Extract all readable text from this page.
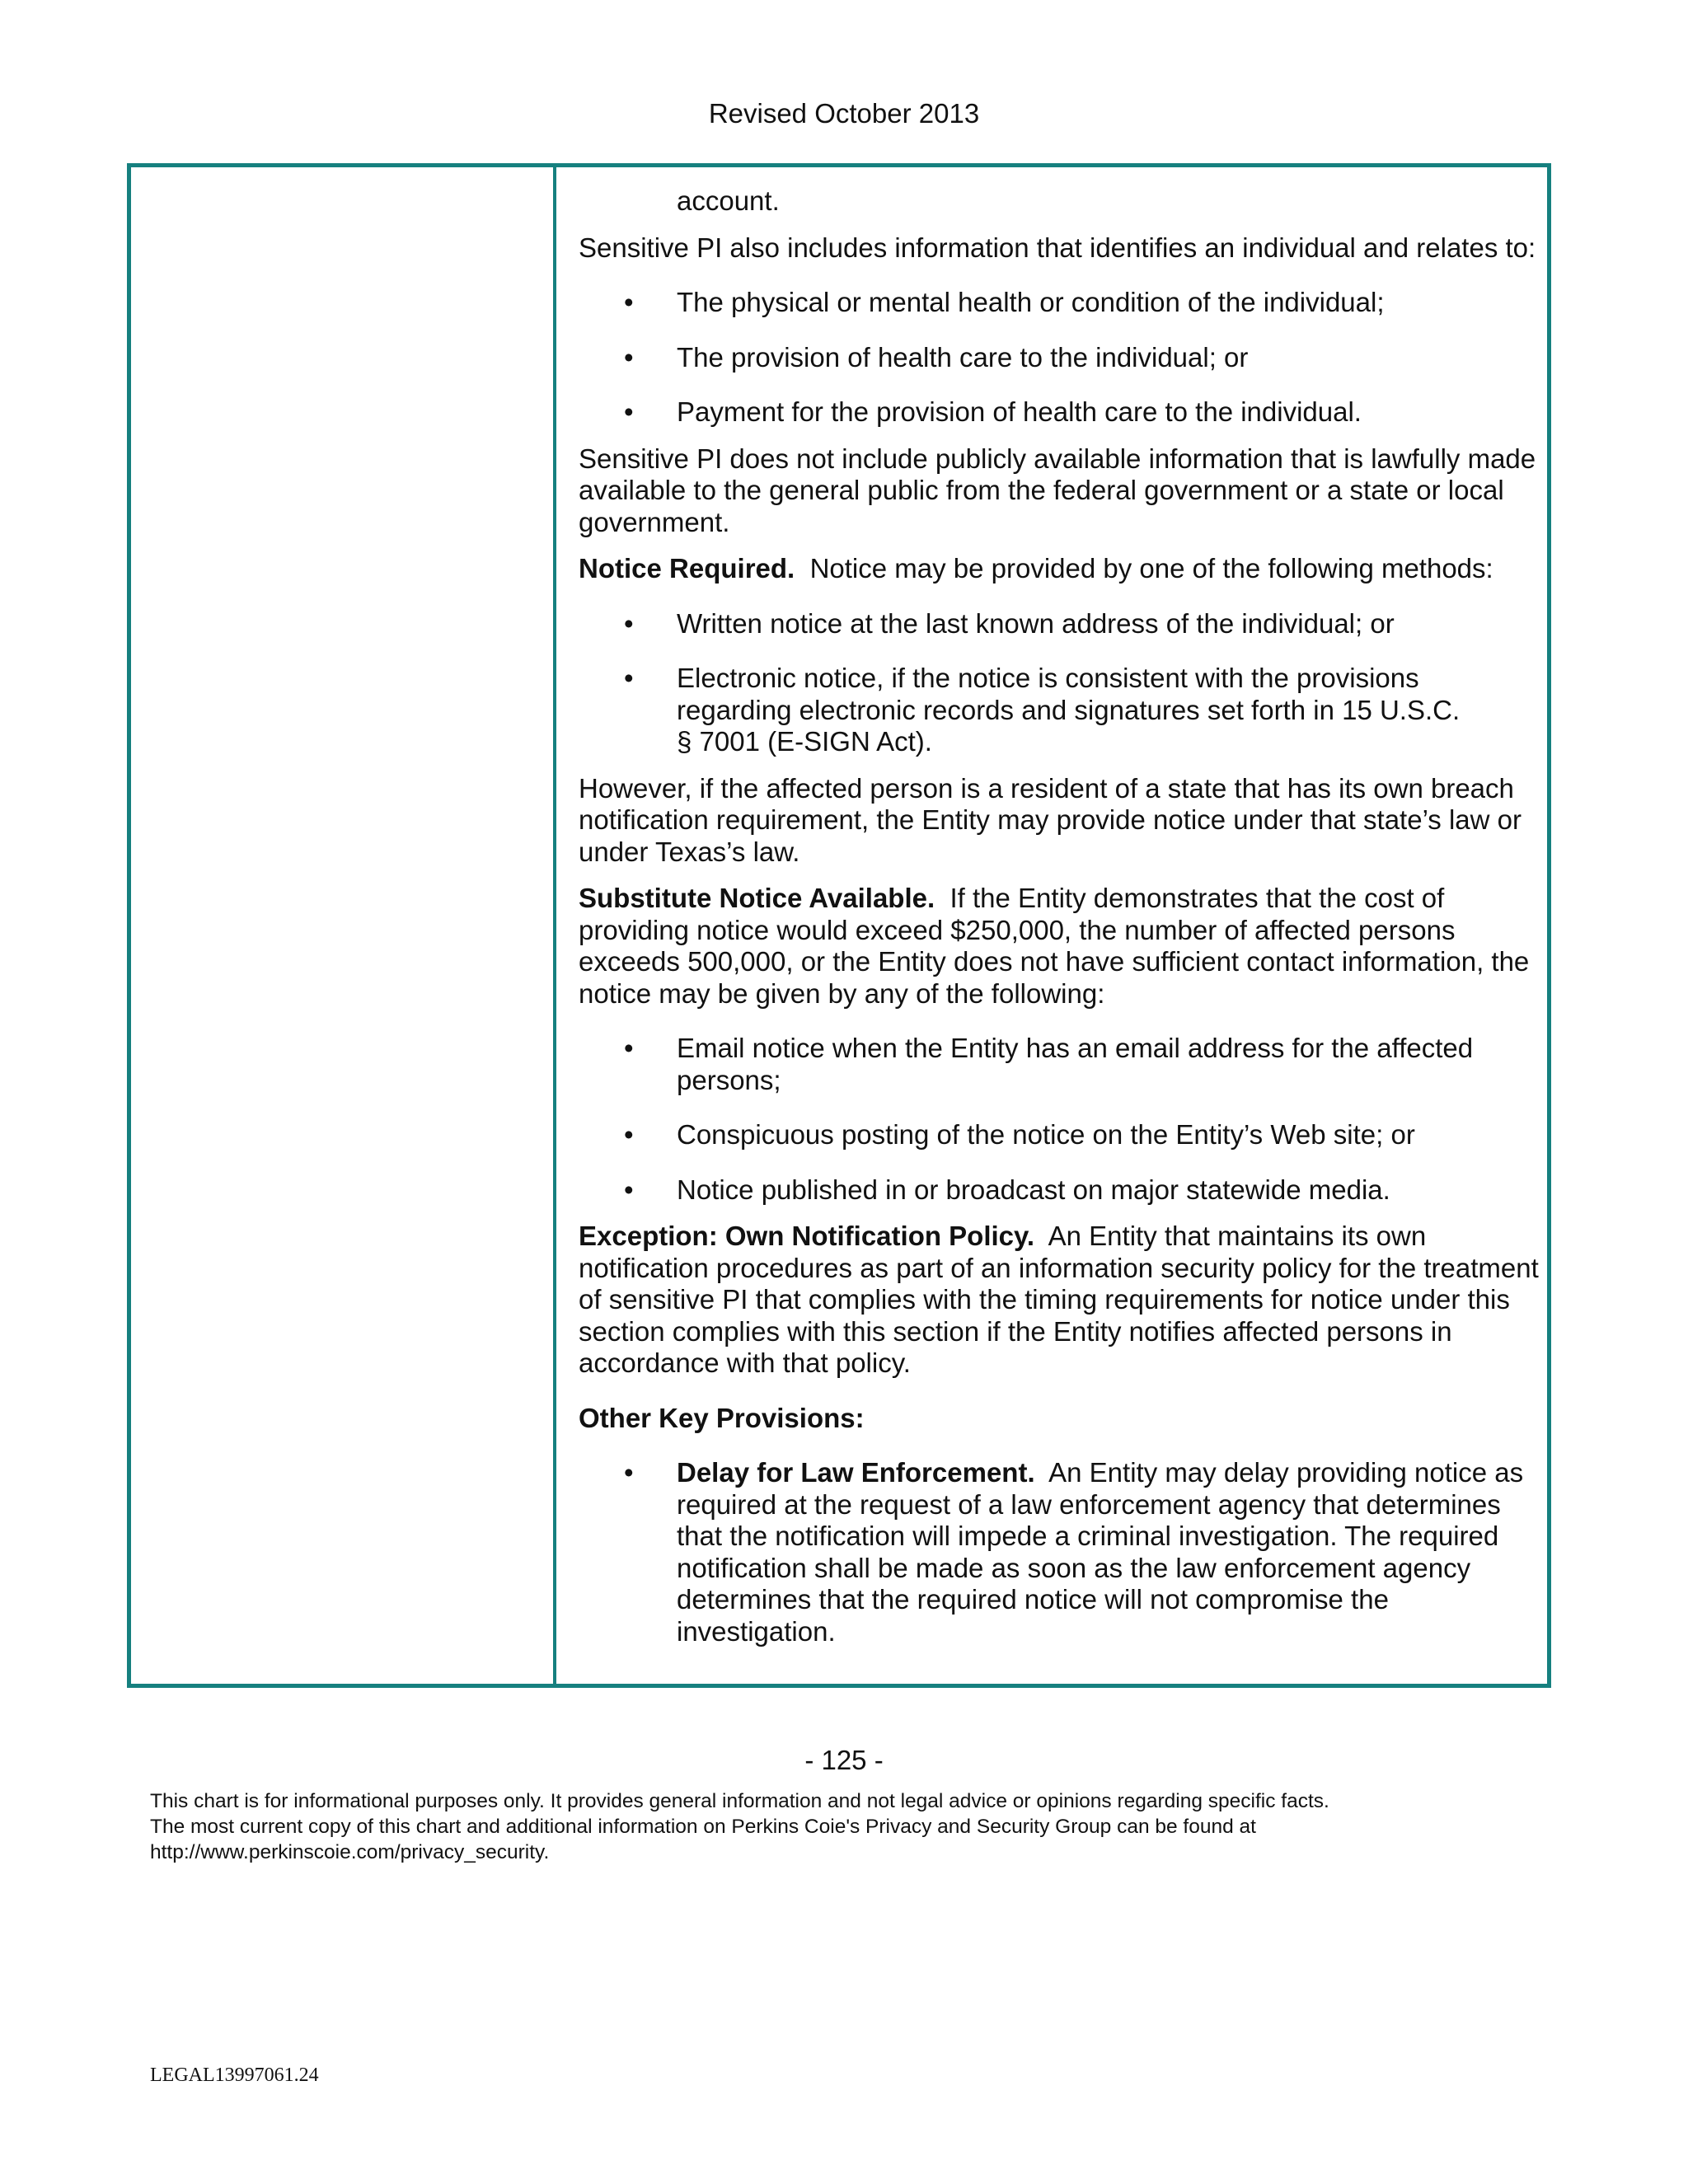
Revised October 2013

account.

Sensitive PI also includes information that identifies an individual and relates to:

•	The physical or mental health or condition of the individual;
•	The provision of health care to the individual; or
•	Payment for the provision of health care to the individual.

Sensitive PI does not include publicly available information that is lawfully made available to the general public from the federal government or a state or local government.

Notice Required. Notice may be provided by one of the following methods:

•	Written notice at the last known address of the individual; or
•	Electronic notice, if the notice is consistent with the provisions regarding electronic records and signatures set forth in 15 U.S.C.
§ 7001 (E-SIGN Act).

However, if the affected person is a resident of a state that has its own breach notification requirement, the Entity may provide notice under that state’s law or under Texas’s law.

Substitute Notice Available. If the Entity demonstrates that the cost of providing notice would exceed $250,000, the number of affected persons exceeds 500,000, or the Entity does not have sufficient contact information, the notice may be given by any of the following:

•	Email notice when the Entity has an email address for the affected persons;
•	Conspicuous posting of the notice on the Entity’s Web site; or
•	Notice published in or broadcast on major statewide media.

Exception: Own Notification Policy. An Entity that maintains its own notification procedures as part of an information security policy for the treatment of sensitive PI that complies with the timing requirements for notice under this section complies with this section if the Entity notifies affected persons in accordance with that policy.

Other Key Provisions:

•	Delay for Law Enforcement. An Entity may delay providing notice as required at the request of a law enforcement agency that determines that the notification will impede a criminal investigation. The required notification shall be made as soon as the law enforcement agency determines that the required notice will not compromise the investigation.
- 125 -

This chart is for informational purposes only. It provides general information and not legal advice or opinions regarding specific facts.

The most current copy of this chart and additional information on Perkins Coie's Privacy and Security Group can be found at

http://www.perkinscoie.com/privacy_security.

LEGAL13997061.24
